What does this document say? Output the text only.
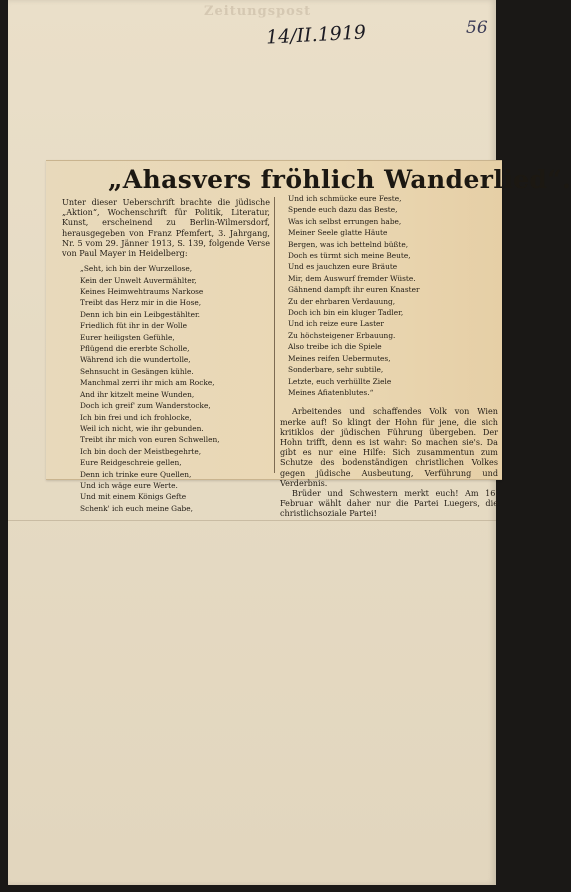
Zeitungspost
14/II.1919	56
„Ahasvers fröhlich Wanderlied“.

Unter dieser Ueberschrift brachte die jüdische „Aktion“, Wochenschrift für Politik, Literatur, Kunst, erscheinend zu Berlin-Wilmersdorf, herausgegeben von Franz Pfemfert, 3. Jahrgang, Nr. 5 vom 29. Jänner 1913, S. 139, folgende Verse von Paul Mayer in Heidelberg:

„Seht, ich bin der Wurzellose,

Kein der Unwelt Auvermählter,

Keines Heimwehtraums Narkose

Treibt das Herz mir in die Hose,

Denn ich bin ein Leibgestählter.

Friedlich füt ihr in der Wolle

Eurer heiligsten Gefühle,

Pflügend die ererbte Scholle,

Während ich die wundertolle,

Sehnsucht in Gesängen kühle.

Manchmal zerri ihr mich am Rocke,

And ihr kitzelt meine Wunden,

Doch ich greif' zum Wanderstocke,

Ich bin frei und ich frohlocke,

Weil ich nicht, wie ihr gebunden.

Treibt ihr mich von euren Schwellen,

Ich bin doch der Meistbegehrte,

Eure Reidgeschreie gellen,

Denn ich trinke eure Quellen,

Und ich wäge eure Werte.

Und mit einem Königs Gefte

Schenk' ich euch meine Gabe,

Und ich schmücke eure Feste,

Spende euch dazu das Beste,

Was ich selbst errungen habe,

Meiner Seele glatte Häute

Bergen, was ich bettelnd büßte,

Doch es türmt sich meine Beute,

Und es jauchzen eure Bräute

Mir, dem Auswurf fremder Wüste.

Gähnend dampft ihr euren Knaster

Zu der ehrbaren Verdauung,

Doch ich bin ein kluger Tadler,

Und ich reize eure Laster

Zu höchsteigener Erbauung.

Also treibe ich die Spiele

Meines reifen Uebermutes,

Sonderbare, sehr subtile,

Letzte, euch verhüllte Ziele

Meines Afiatenblutes.“

Arbeitendes und schaffendes Volk von Wien merke auf! So klingt der Hohn für jene, die sich kritiklos der jüdischen Führung übergeben. Der Hohn trifft, denn es ist wahr: So machen sie's. Da gibt es nur eine Hilfe: Sich zusammentun zum Schutze des bodenständigen christlichen Volkes gegen jüdische Ausbeutung, Verführung und Verderbnis.

Brüder und Schwestern merkt euch! Am 16. Februar wählt daher nur die Partei Luegers, die christlichsoziale Partei!
